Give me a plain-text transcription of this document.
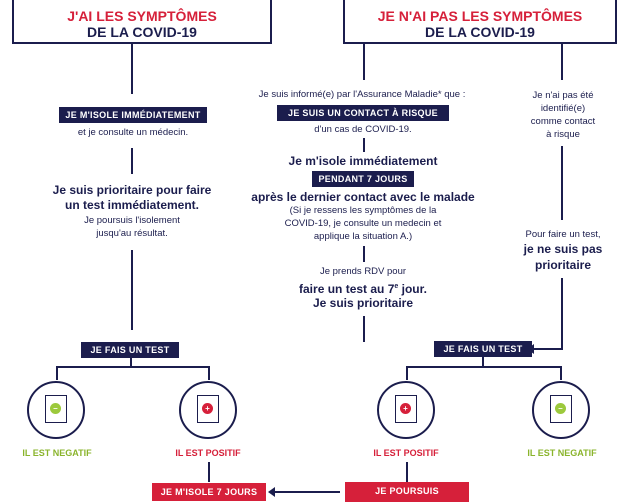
J'AI LES SYMPTÔMES
DE LA COVID-19
JE M'ISOLE IMMÉDIATEMENT
et je consulte un médecin.
Je suis prioritaire pour faire
un test immédiatement.
Je poursuis l'isolement
jusqu'au résultat.
JE FAIS UN TEST
–
IL EST NEGATIF
+
IL EST POSITIF
JE M'ISOLE 7 JOURS
JE N'AI PAS LES SYMPTÔMES
DE LA COVID-19
Je suis informé(e) par l'Assurance Maladie* que :
JE SUIS UN CONTACT À RISQUE
d'un cas de COVID-19.
Je m'isole immédiatement
PENDANT 7 JOURS
après le dernier contact avec le malade
(Si je ressens les symptômes de la
COVID-19, je consulte un medecin et
applique la situation A.)
Je prends RDV pour
faire un test au 7e jour.
Je suis prioritaire
Je n'ai pas été
identifié(e)
comme contact
à risque
Pour faire un test,
je ne suis pas
prioritaire
JE FAIS UN TEST
+
IL EST POSITIF
–
IL EST NEGATIF
JE POURSUIS
